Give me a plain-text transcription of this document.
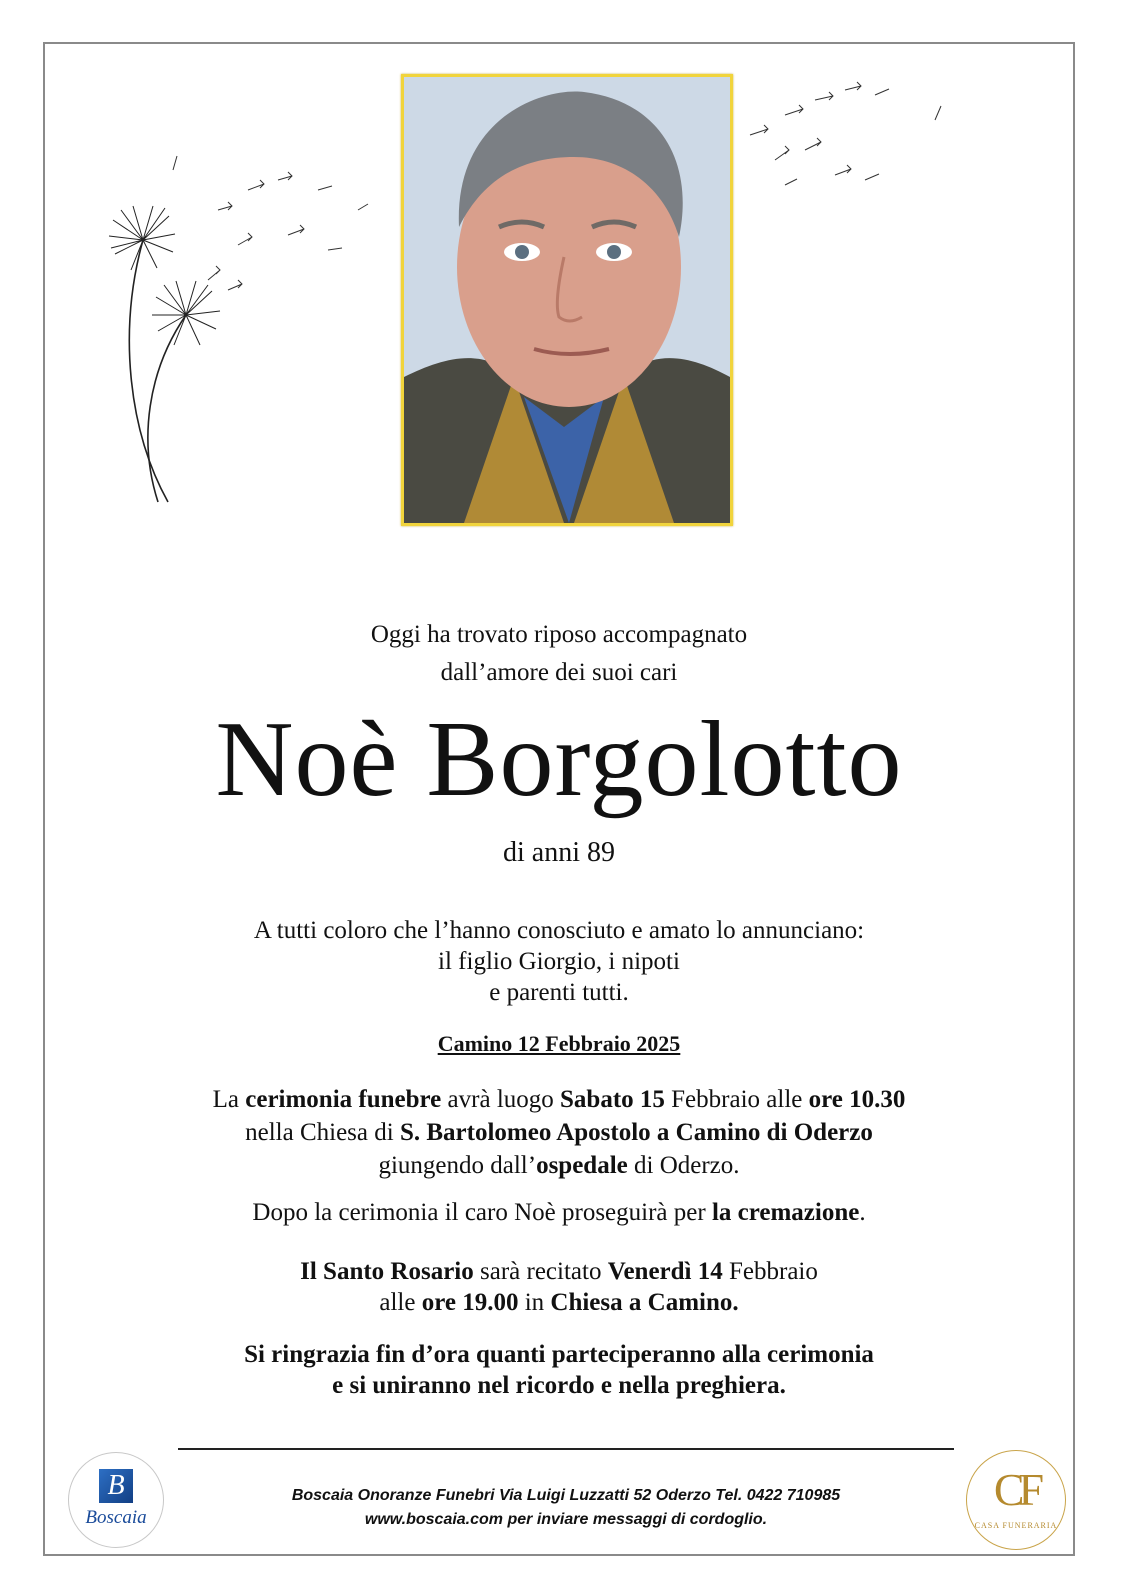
Oggi ha trovato riposo accompagnato
dall’amore dei suoi cari
Noè Borgolotto
di anni 89
A tutti coloro che l’hanno conosciuto e amato lo annunciano:
il figlio Giorgio, i nipoti
e parenti tutti.
Camino 12 Febbraio 2025
La cerimonia funebre avrà luogo Sabato 15 Febbraio alle ore 10.30
nella Chiesa di S. Bartolomeo Apostolo a Camino di Oderzo
giungendo dall’ospedale di Oderzo.
Dopo la cerimonia il caro Noè proseguirà per la cremazione.
Il Santo Rosario sarà recitato Venerdì 14 Febbraio
alle ore 19.00 in Chiesa a Camino.
Si ringrazia fin d’ora quanti parteciperanno alla cerimonia
e si uniranno nel ricordo e nella preghiera.
B
Boscaia
Boscaia Onoranze Funebri Via Luigi Luzzatti 52 Oderzo Tel. 0422 710985
www.boscaia.com per inviare messaggi di cordoglio.
CF
CASA FUNERARIA
